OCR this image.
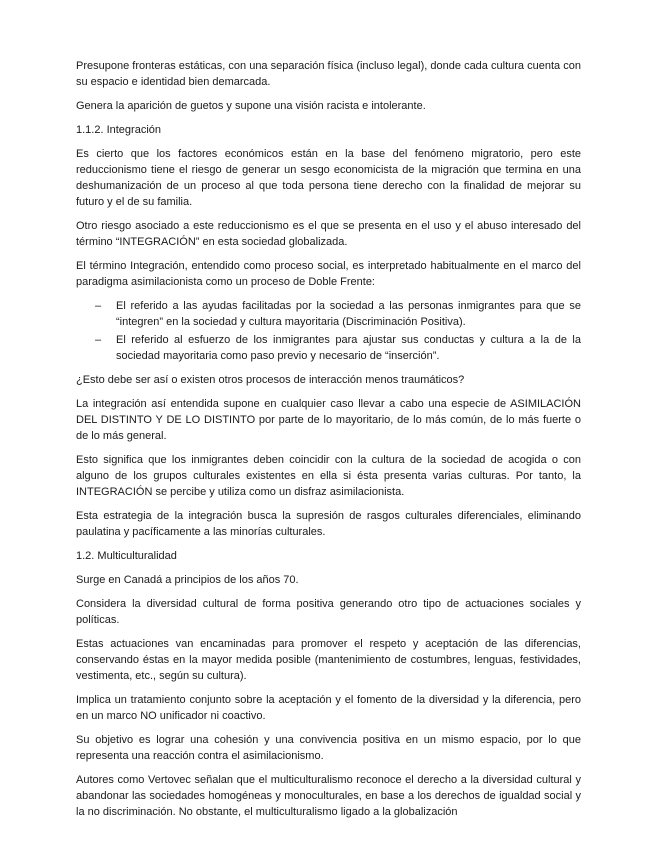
Presupone fronteras estáticas, con una separación física (incluso legal), donde cada cultura cuenta con su espacio e identidad bien demarcada.

Genera la aparición de guetos y supone una visión racista e intolerante.

1.1.2. Integración

Es cierto que los factores económicos están en la base del fenómeno migratorio, pero este reduccionismo tiene el riesgo de generar un sesgo economicista de la migración que termina en una deshumanización de un proceso al que toda persona tiene derecho con la finalidad de mejorar su futuro y el de su familia.

Otro riesgo asociado a este reduccionismo es el que se presenta en el uso y el abuso interesado del término “INTEGRACIÓN” en esta sociedad globalizada.

El término Integración, entendido como proceso social, es interpretado habitualmente en el marco del paradigma asimilacionista como un proceso de Doble Frente:

– El referido a las ayudas facilitadas por la sociedad a las personas inmigrantes para que se “integren” en la sociedad y cultura mayoritaria (Discriminación Positiva).
– El referido al esfuerzo de los inmigrantes para ajustar sus conductas y cultura a la de la sociedad mayoritaria como paso previo y necesario de “inserción”.

¿Esto debe ser así o existen otros procesos de interacción menos traumáticos?

La integración así entendida supone en cualquier caso llevar a cabo una especie de ASIMILACIÓN DEL DISTINTO Y DE LO DISTINTO por parte de lo mayoritario, de lo más común, de lo más fuerte o de lo más general.

Esto significa que los inmigrantes deben coincidir con la cultura de la sociedad de acogida o con alguno de los grupos culturales existentes en ella si ésta presenta varias culturas. Por tanto, la INTEGRACIÓN se percibe y utiliza como un disfraz asimilacionista.

Esta estrategia de la integración busca la supresión de rasgos culturales diferenciales, eliminando paulatina y pacíficamente a las minorías culturales.

1.2. Multiculturalidad

Surge en Canadá a principios de los años 70.

Considera la diversidad cultural de forma positiva generando otro tipo de actuaciones sociales y políticas.

Estas actuaciones van encaminadas para promover el respeto y aceptación de las diferencias, conservando éstas en la mayor medida posible (mantenimiento de costumbres, lenguas, festividades, vestimenta, etc., según su cultura).

Implica un tratamiento conjunto sobre la aceptación y el fomento de la diversidad y la diferencia, pero en un marco NO unificador ni coactivo.

Su objetivo es lograr una cohesión y una convivencia positiva en un mismo espacio, por lo que representa una reacción contra el asimilacionismo.

Autores como Vertovec señalan que el multiculturalismo reconoce el derecho a la diversidad cultural y abandonar las sociedades homogéneas y monoculturales, en base a los derechos de igualdad social y la no discriminación. No obstante, el multiculturalismo ligado a la globalización
